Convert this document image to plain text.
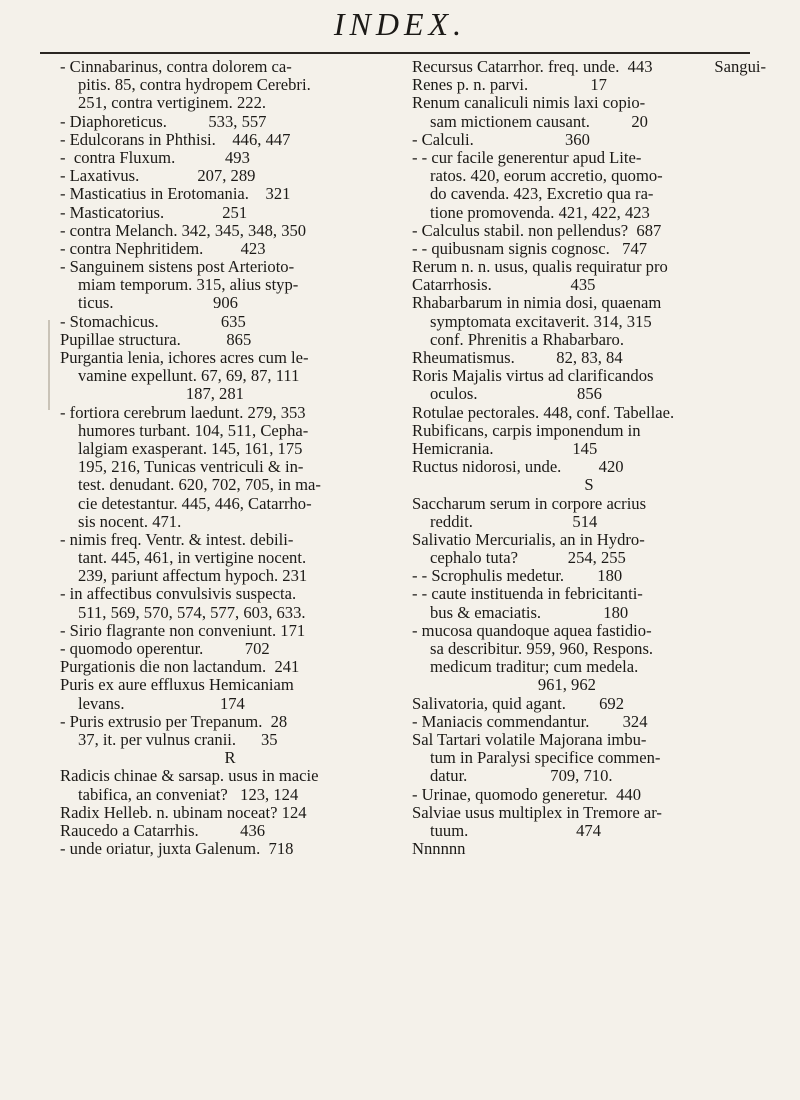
INDEX.
- Cinnabarinus, contra dolorem ca-
pitis. 85, contra hydropem Cerebri.
251, contra vertiginem. 222.
- Diaphoreticus.          533, 557
- Edulcorans in Phthisi.    446, 447
-  contra Fluxum.            493
- Laxativus.              207, 289
- Masticatius in Erotomania.    321
- Masticatorius.              251
- contra Melanch. 342, 345, 348, 350
- contra Nephritidem.         423
- Sanguinem sistens post Arterioto-
miam temporum. 315, alius styp-
ticus.                        906
- Stomachicus.               635
Pupillae structura.           865
Purgantia lenia, ichores acres cum le-
vamine expellunt. 67, 69, 87, 111
187, 281
- fortiora cerebrum laedunt. 279, 353
humores turbant. 104, 511, Cepha-
lalgiam exasperant. 145, 161, 175
195, 216, Tunicas ventriculi & in-
test. denudant. 620, 702, 705, in ma-
cie detestantur. 445, 446, Catarrho-
sis nocent. 471.
- nimis freq. Ventr. & intest. debili-
tant. 445, 461, in vertigine nocent.
239, pariunt affectum hypoch. 231
- in affectibus convulsivis suspecta.
511, 569, 570, 574, 577, 603, 633.
- Sirio flagrante non conveniunt. 171
- quomodo operentur.          702
Purgationis die non lactandum.  241
Puris ex aure effluxus Hemicaniam
levans.                       174
- Puris extrusio per Trepanum.  28
37, it. per vulnus cranii.      35
R
Radicis chinae & sarsap. usus in macie
tabifica, an conveniat?   123, 124
Radix Helleb. n. ubinam noceat? 124
Raucedo a Catarrhis.          436
- unde oriatur, juxta Galenum.  718
Recursus Catarrhor. freq. unde.  443
Renes p. n. parvi.               17
Renum canaliculi nimis laxi copio-
sam mictionem causant.          20
- Calculi.                      360
- - cur facile generentur apud Lite-
ratos. 420, eorum accretio, quomo-
do cavenda. 423, Excretio qua ra-
tione promovenda. 421, 422, 423
- Calculus stabil. non pellendus?  687
- - quibusnam signis cognosc.   747
Rerum n. n. usus, qualis requiratur pro
Catarrhosis.                   435
Rhabarbarum in nimia dosi, quaenam
symptomata excitaverit. 314, 315
conf. Phrenitis a Rhabarbaro.
Rheumatismus.          82, 83, 84
Roris Majalis virtus ad clarificandos
oculos.                        856
Rotulae pectorales. 448, conf. Tabellae.
Rubificans, carpis imponendum in
Hemicrania.                   145
Ructus nidorosi, unde.         420
S
Saccharum serum in corpore acrius
reddit.                        514
Salivatio Mercurialis, an in Hydro-
cephalo tuta?            254, 255
- - Scrophulis medetur.        180
- - caute instituenda in febricitanti-
bus & emaciatis.               180
- mucosa quandoque aquea fastidio-
sa describitur. 959, 960, Respons.
medicum traditur; cum medela.
961, 962
Salivatoria, quid agant.        692
- Maniacis commendantur.        324
Sal Tartari volatile Majorana imbu-
tum in Paralysi specifice commen-
datur.                    709, 710.
- Urinae, quomodo generetur.  440
Salviae usus multiplex in Tremore ar-
tuum.                          474
Nnnnnn
Sangui-
